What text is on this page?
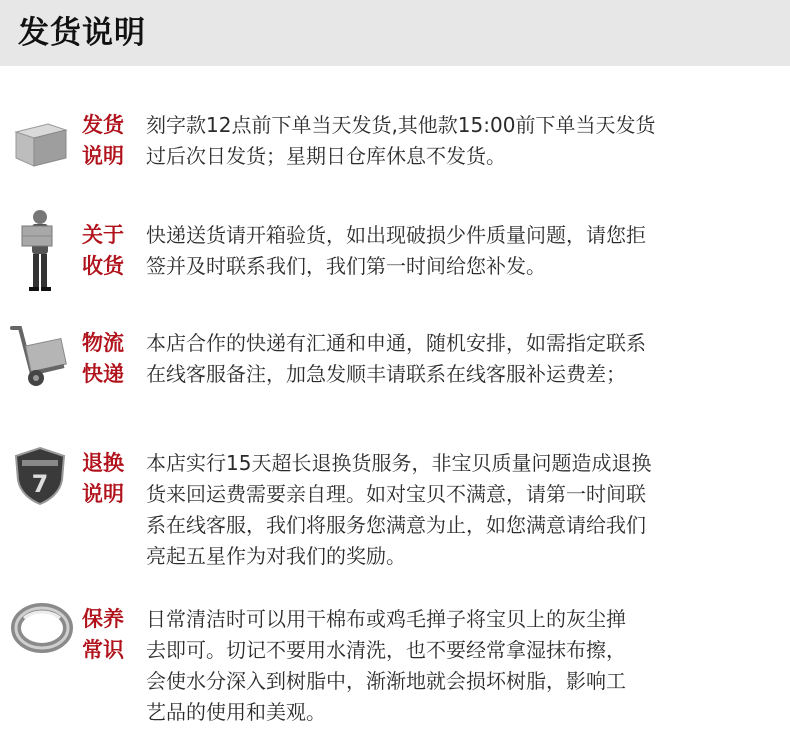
发货说明
发货
说明
刻字款12点前下单当天发货,其他款15:00前下单当天发货
过后次日发货；星期日仓库休息不发货。
关于
收货
快递送货请开箱验货，如出现破损少件质量问题，请您拒
签并及时联系我们，我们第一时间给您补发。
物流
快递
本店合作的快递有汇通和申通，随机安排，如需指定联系
在线客服备注，加急发顺丰请联系在线客服补运费差；
7
退换
说明
本店实行15天超长退换货服务，非宝贝质量问题造成退换
货来回运费需要亲自理。如对宝贝不满意，请第一时间联
系在线客服，我们将服务您满意为止，如您满意请给我们
亮起五星作为对我们的奖励。
保养
常识
日常清洁时可以用干棉布或鸡毛掸子将宝贝上的灰尘掸
去即可。切记不要用水清洗，也不要经常拿湿抹布擦，
会使水分深入到树脂中，渐渐地就会损坏树脂，影响工
艺品的使用和美观。
